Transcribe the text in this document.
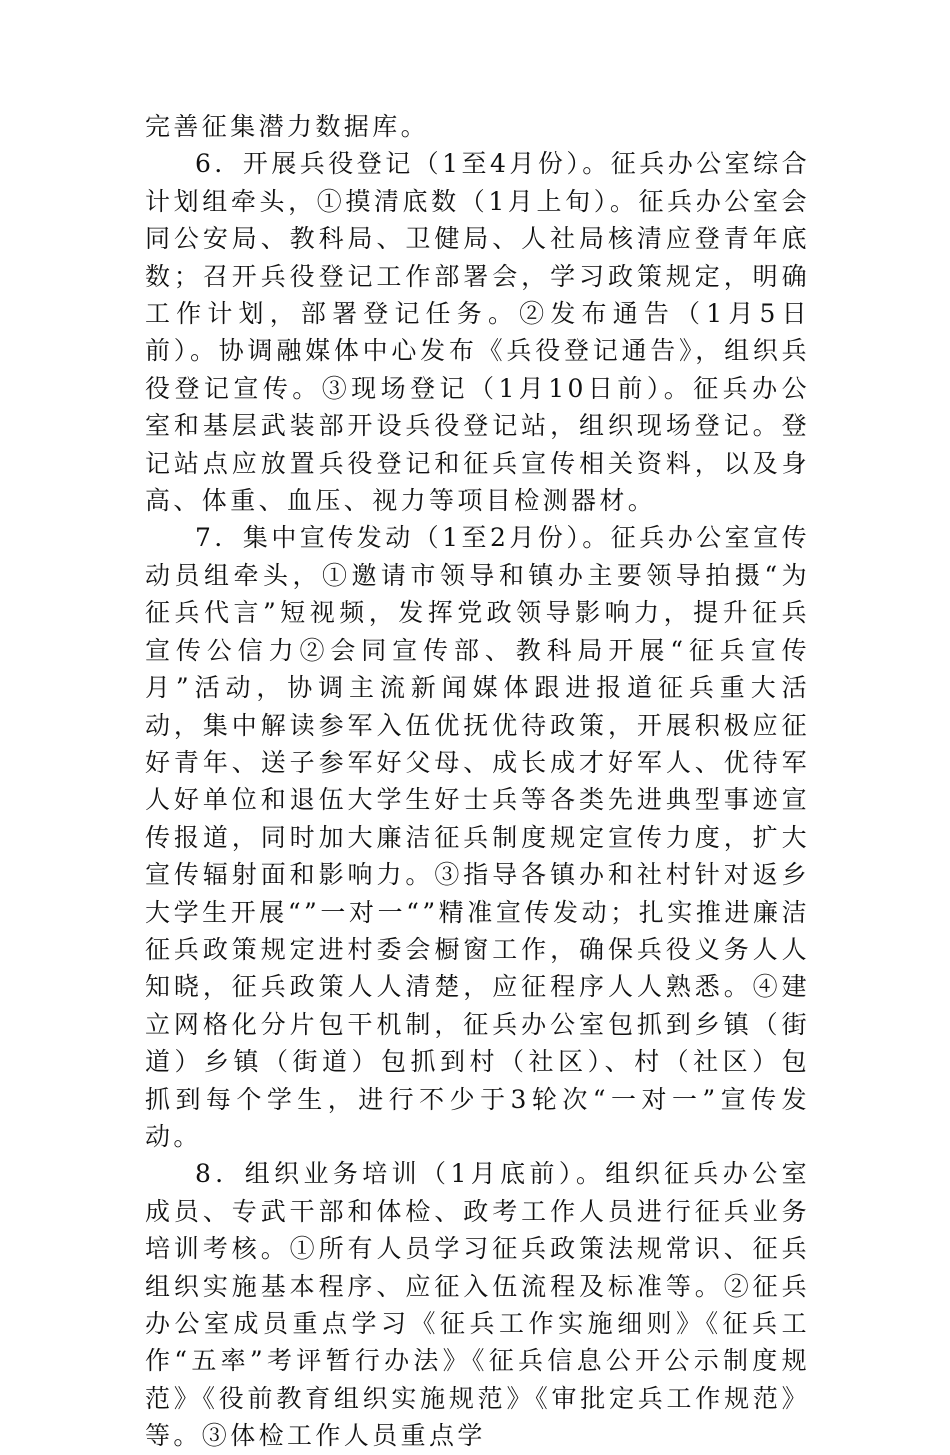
完善征集潜力数据库。

6．开展兵役登记（1至4月份）。征兵办公室综合计划组牵头，①摸清底数（1月上旬）。征兵办公室会同公安局、教科局、卫健局、人社局核清应登青年底数；召开兵役登记工作部署会，学习政策规定，明确工作计划，部署登记任务。②发布通告（1月5日前）。协调融媒体中心发布《兵役登记通告》，组织兵役登记宣传。③现场登记（1月10日前）。征兵办公室和基层武装部开设兵役登记站，组织现场登记。登记站点应放置兵役登记和征兵宣传相关资料，以及身高、体重、血压、视力等项目检测器材。

7．集中宣传发动（1至2月份）。征兵办公室宣传动员组牵头，①邀请市领导和镇办主要领导拍摄“为征兵代言”短视频，发挥党政领导影响力，提升征兵宣传公信力②会同宣传部、教科局开展“征兵宣传月”活动，协调主流新闻媒体跟进报道征兵重大活动，集中解读参军入伍优抚优待政策，开展积极应征好青年、送子参军好父母、成长成才好军人、优待军人好单位和退伍大学生好士兵等各类先进典型事迹宣传报道，同时加大廉洁征兵制度规定宣传力度，扩大宣传辐射面和影响力。③指导各镇办和社村针对返乡大学生开展“”一对一“”精准宣传发动；扎实推进廉洁征兵政策规定进村委会橱窗工作，确保兵役义务人人知晓，征兵政策人人清楚，应征程序人人熟悉。④建立网格化分片包干机制，征兵办公室包抓到乡镇（街道）乡镇（街道）包抓到村（社区）、村（社区）包抓到每个学生，进行不少于3轮次“一对一”宣传发动。

8．组织业务培训（1月底前）。组织征兵办公室成员、专武干部和体检、政考工作人员进行征兵业务培训考核。①所有人员学习征兵政策法规常识、征兵组织实施基本程序、应征入伍流程及标准等。②征兵办公室成员重点学习《征兵工作实施细则》《征兵工作“五率”考评暂行办法》《征兵信息公开公示制度规范》《役前教育组织实施规范》《审批定兵工作规范》等。③体检工作人员重点学
